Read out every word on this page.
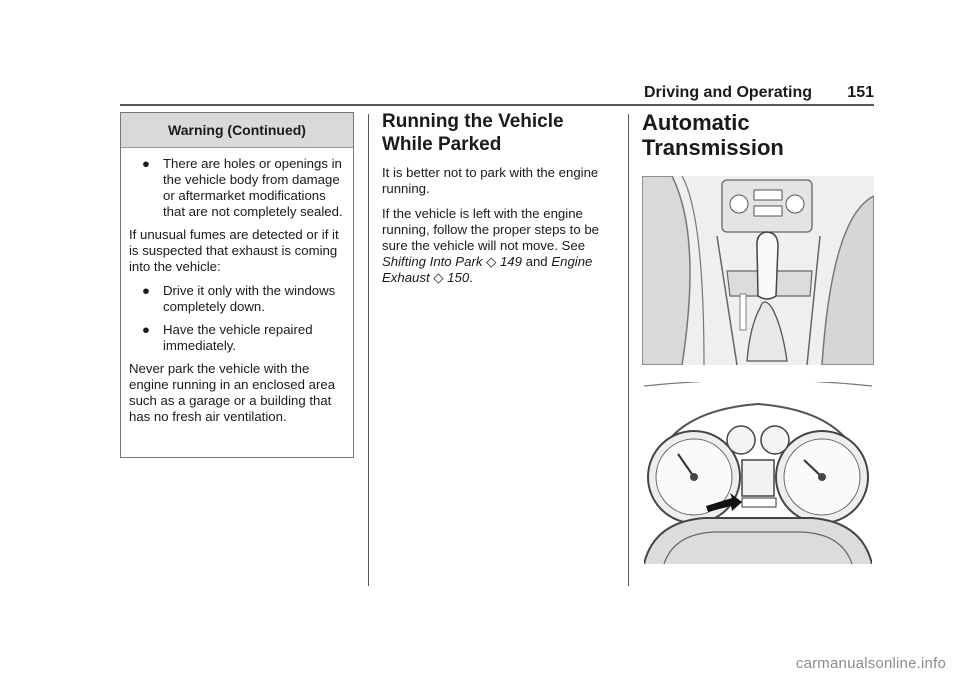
Driving and Operating 151
Warning (Continued)
● There are holes or openings in the vehicle body from damage or aftermarket modifications that are not completely sealed.

If unusual fumes are detected or if it is suspected that exhaust is coming into the vehicle:

● Drive it only with the windows completely down.
● Have the vehicle repaired immediately.

Never park the vehicle with the engine running in an enclosed area such as a garage or a building that has no fresh air ventilation.

Running the Vehicle While Parked

It is better not to park with the engine running.

If the vehicle is left with the engine running, follow the proper steps to be sure the vehicle will not move. See Shifting Into Park ◇ 149 and Engine Exhaust ◇ 150.

Automatic Transmission
carmanualsonline.info
